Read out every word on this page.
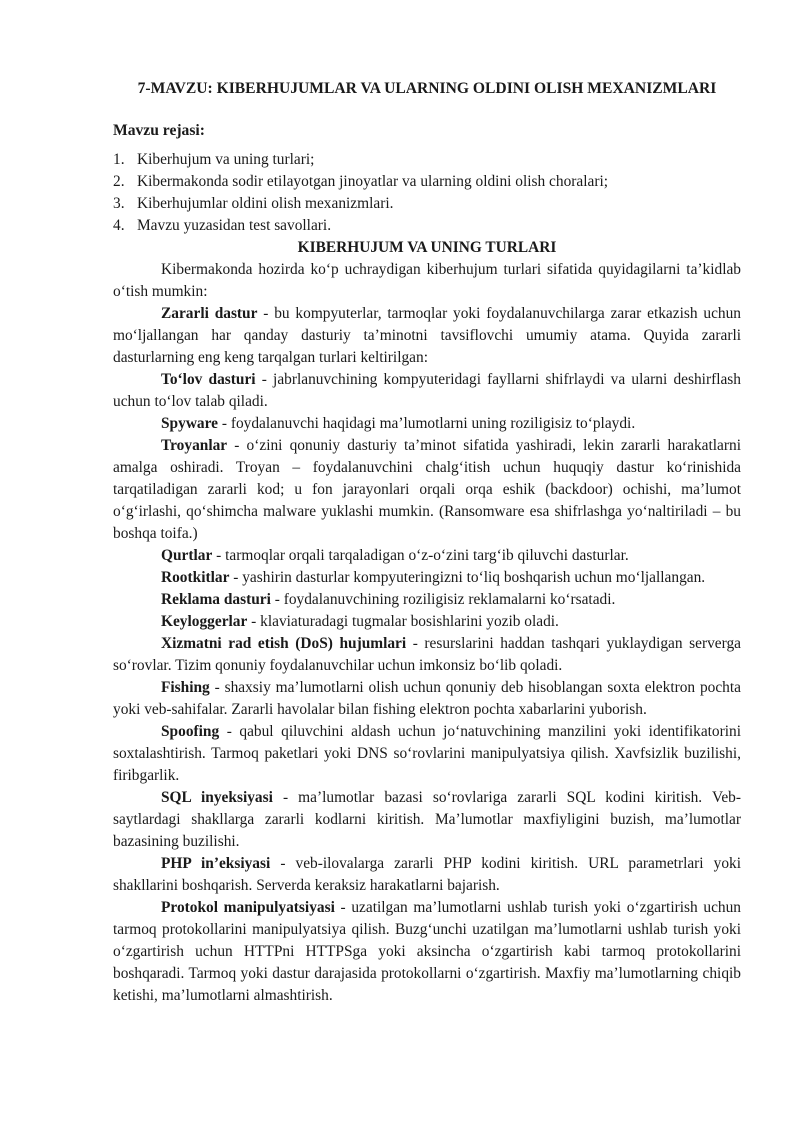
7-MAVZU: KIBERHUJUMLAR VA ULARNING OLDINI OLISH MEXANIZMLARI
Mavzu rejasi:
1. Kiberhujum va uning turlari;
2. Kibermakonda sodir etilayotgan jinoyatlar va ularning oldini olish choralari;
3. Kiberhujumlar oldini olish mexanizmlari.
4. Mavzu yuzasidan test savollari.
KIBERHUJUM VA UNING TURLARI

Kibermakonda hozirda ko‘p uchraydigan kiberhujum turlari sifatida quyidagilarni ta’kidlab o‘tish mumkin:

Zararli dastur - bu kompyuterlar, tarmoqlar yoki foydalanuvchilarga zarar etkazish uchun mo‘ljallangan har qanday dasturiy ta’minotni tavsiflovchi umumiy atama. Quyida zararli dasturlarning eng keng tarqalgan turlari keltirilgan:

To‘lov dasturi - jabrlanuvchining kompyuteridagi fayllarni shifrlaydi va ularni deshirflash uchun to‘lov talab qiladi.

Spyware - foydalanuvchi haqidagi ma’lumotlarni uning roziligisiz to‘playdi.

Troyanlar - o‘zini qonuniy dasturiy ta’minot sifatida yashiradi, lekin zararli harakatlarni amalga oshiradi. Troyan – foydalanuvchini chalg‘itish uchun huquqiy dastur ko‘rinishida tarqatiladigan zararli kod; u fon jarayonlari orqali orqa eshik (backdoor) ochishi, ma’lumot o‘g‘irlashi, qo‘shimcha malware yuklashi mumkin. (Ransomware esa shifrlashga yo‘naltiriladi – bu boshqa toifa.)

Qurtlar - tarmoqlar orqali tarqaladigan o‘z-o‘zini targ‘ib qiluvchi dasturlar.

Rootkitlar - yashirin dasturlar kompyuteringizni to‘liq boshqarish uchun mo‘ljallangan.

Reklama dasturi - foydalanuvchining roziligisiz reklamalarni ko‘rsatadi.

Keyloggerlar - klaviaturadagi tugmalar bosishlarini yozib oladi.

Xizmatni rad etish (DoS) hujumlari - resurslarini haddan tashqari yuklaydigan serverga so‘rovlar. Tizim qonuniy foydalanuvchilar uchun imkonsiz bo‘lib qoladi.

Fishing - shaxsiy ma’lumotlarni olish uchun qonuniy deb hisoblangan soxta elektron pochta yoki veb-sahifalar. Zararli havolalar bilan fishing elektron pochta xabarlarini yuborish.

Spoofing - qabul qiluvchini aldash uchun jo‘natuvchining manzilini yoki identifikatorini soxtalashtirish. Tarmoq paketlari yoki DNS so‘rovlarini manipulyatsiya qilish. Xavfsizlik buzilishi, firibgarlik.

SQL inyeksiyasi - ma’lumotlar bazasi so‘rovlariga zararli SQL kodini kiritish. Veb-saytlardagi shakllarga zararli kodlarni kiritish. Ma’lumotlar maxfiyligini buzish, ma’lumotlar bazasining buzilishi.

PHP in’eksiyasi - veb-ilovalarga zararli PHP kodini kiritish. URL parametrlari yoki shakllarini boshqarish. Serverda keraksiz harakatlarni bajarish.

Protokol manipulyatsiyasi - uzatilgan ma’lumotlarni ushlab turish yoki o‘zgartirish uchun tarmoq protokollarini manipulyatsiya qilish. Buzg‘unchi uzatilgan ma’lumotlarni ushlab turish yoki o‘zgartirish uchun HTTPni HTTPSga yoki aksincha o‘zgartirish kabi tarmoq protokollarini boshqaradi. Tarmoq yoki dastur darajasida protokollarni o‘zgartirish. Maxfiy ma’lumotlarning chiqib ketishi, ma’lumotlarni almashtirish.
